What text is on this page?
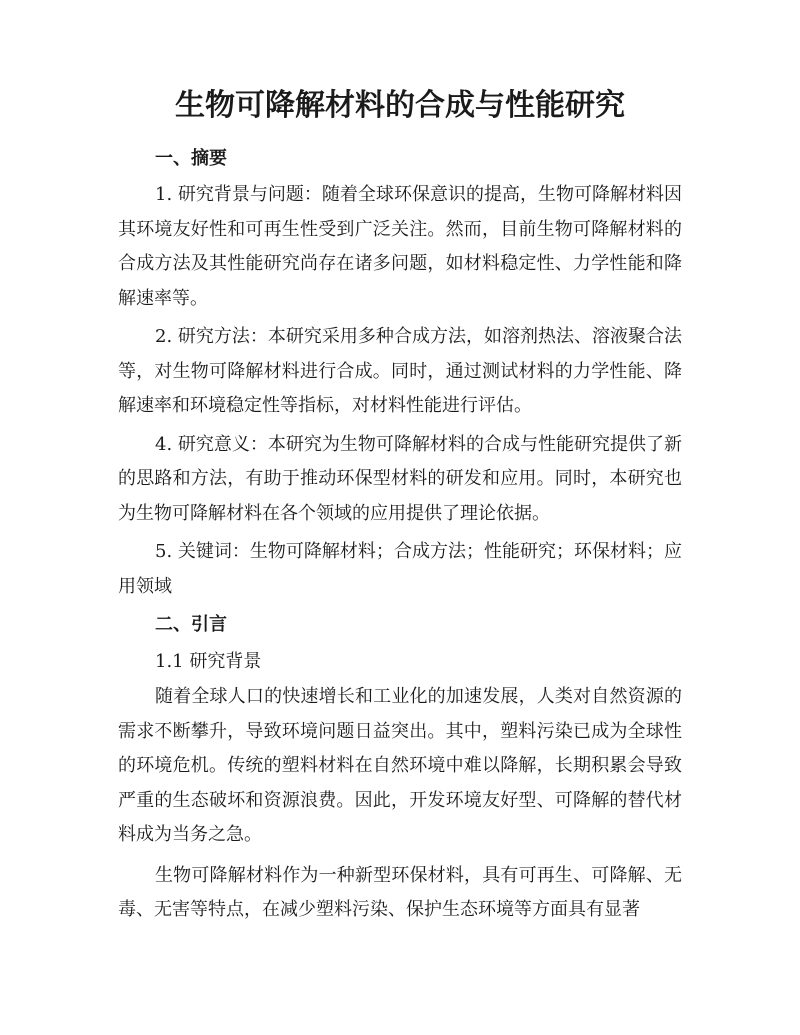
生物可降解材料的合成与性能研究
一、摘要

1. 研究背景与问题：随着全球环保意识的提高，生物可降解材料因其环境友好性和可再生性受到广泛关注。然而，目前生物可降解材料的合成方法及其性能研究尚存在诸多问题，如材料稳定性、力学性能和降解速率等。

2. 研究方法：本研究采用多种合成方法，如溶剂热法、溶液聚合法等，对生物可降解材料进行合成。同时，通过测试材料的力学性能、降解速率和环境稳定性等指标，对材料性能进行评估。

4. 研究意义：本研究为生物可降解材料的合成与性能研究提供了新的思路和方法，有助于推动环保型材料的研发和应用。同时，本研究也为生物可降解材料在各个领域的应用提供了理论依据。

5. 关键词：生物可降解材料；合成方法；性能研究；环保材料；应用领域

二、引言

1.1 研究背景

随着全球人口的快速增长和工业化的加速发展，人类对自然资源的需求不断攀升，导致环境问题日益突出。其中，塑料污染已成为全球性的环境危机。传统的塑料材料在自然环境中难以降解，长期积累会导致严重的生态破坏和资源浪费。因此，开发环境友好型、可降解的替代材料成为当务之急。

生物可降解材料作为一种新型环保材料，具有可再生、可降解、无毒、无害等特点，在减少塑料污染、保护生态环境等方面具有显著
